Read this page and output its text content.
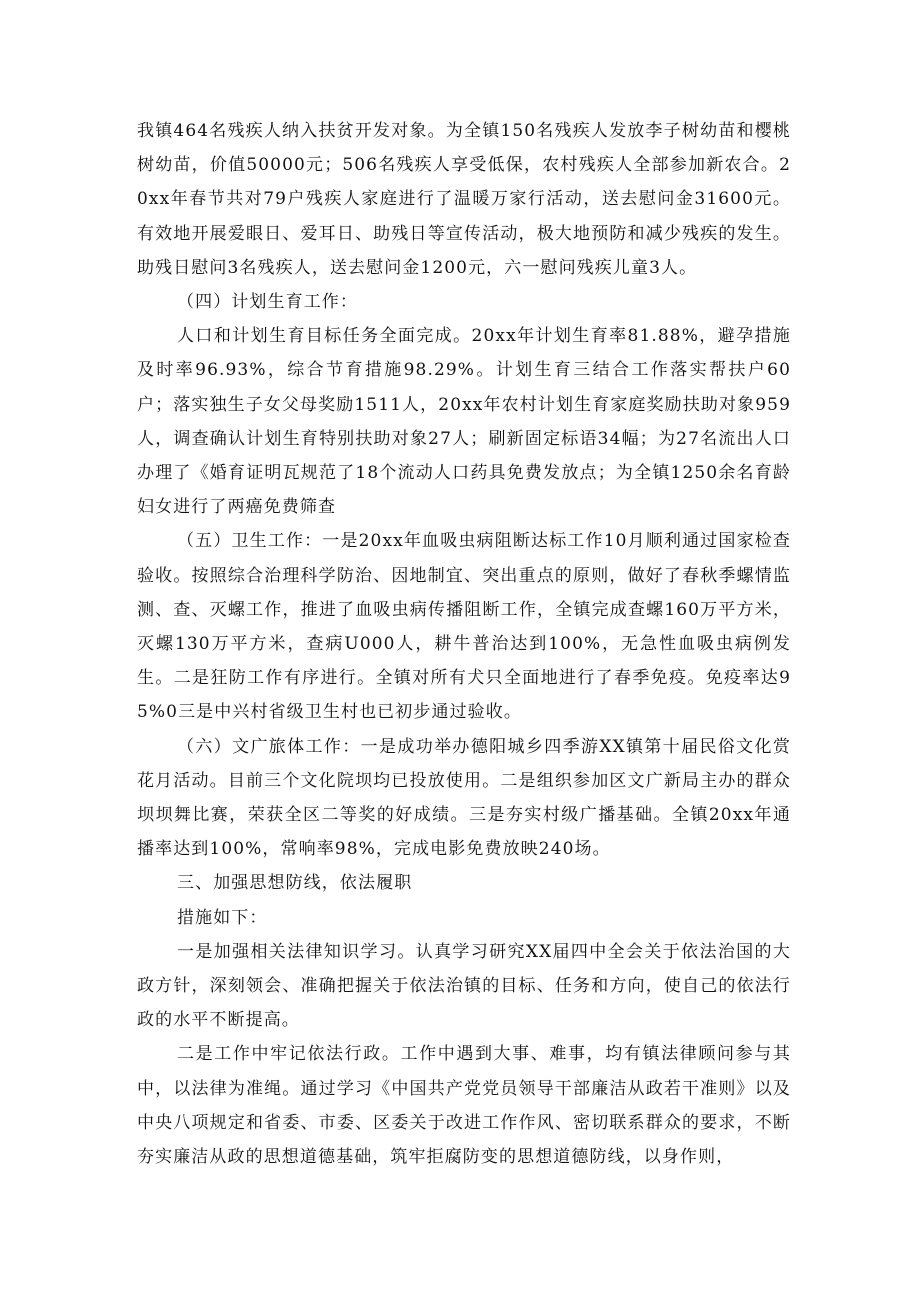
我镇464名残疾人纳入扶贫开发对象。为全镇150名残疾人发放李子树幼苗和樱桃树幼苗，价值50000元；506名残疾人享受低保，农村残疾人全部参加新农合。20xx年春节共对79户残疾人家庭进行了温暖万家行活动，送去慰问金31600元。有效地开展爱眼日、爱耳日、助残日等宣传活动，极大地预防和减少残疾的发生。助残日慰问3名残疾人，送去慰问金1200元，六一慰问残疾儿童3人。

（四）计划生育工作：

人口和计划生育目标任务全面完成。20xx年计划生育率81.88%，避孕措施及时率96.93%，综合节育措施98.29%。计划生育三结合工作落实帮扶户60户；落实独生子女父母奖励1511人，20xx年农村计划生育家庭奖励扶助对象959人，调查确认计划生育特别扶助对象27人；刷新固定标语34幅；为27名流出人口办理了《婚育证明瓦规范了18个流动人口药具免费发放点；为全镇1250余名育龄妇女进行了两癌免费筛查

（五）卫生工作：一是20xx年血吸虫病阻断达标工作10月顺利通过国家检查验收。按照综合治理科学防治、因地制宜、突出重点的原则，做好了春秋季螺情监测、查、灭螺工作，推进了血吸虫病传播阻断工作，全镇完成查螺160万平方米，灭螺130万平方米，查病U000人，耕牛普治达到100%，无急性血吸虫病例发生。二是狂防工作有序进行。全镇对所有犬只全面地进行了春季免疫。免疫率达95%0三是中兴村省级卫生村也已初步通过验收。

（六）文广旅体工作：一是成功举办德阳城乡四季游XX镇第十届民俗文化赏花月活动。目前三个文化院坝均已投放使用。二是组织参加区文广新局主办的群众坝坝舞比赛，荣获全区二等奖的好成绩。三是夯实村级广播基础。全镇20xx年通播率达到100%，常响率98%，完成电影免费放映240场。

三、加强思想防线，依法履职

措施如下：

一是加强相关法律知识学习。认真学习研究XX届四中全会关于依法治国的大政方针，深刻领会、准确把握关于依法治镇的目标、任务和方向，使自己的依法行政的水平不断提高。

二是工作中牢记依法行政。工作中遇到大事、难事，均有镇法律顾问参与其中，以法律为准绳。通过学习《中国共产党党员领导干部廉洁从政若干准则》以及中央八项规定和省委、市委、区委关于改进工作作风、密切联系群众的要求，不断夯实廉洁从政的思想道德基础，筑牢拒腐防变的思想道德防线，以身作则，
